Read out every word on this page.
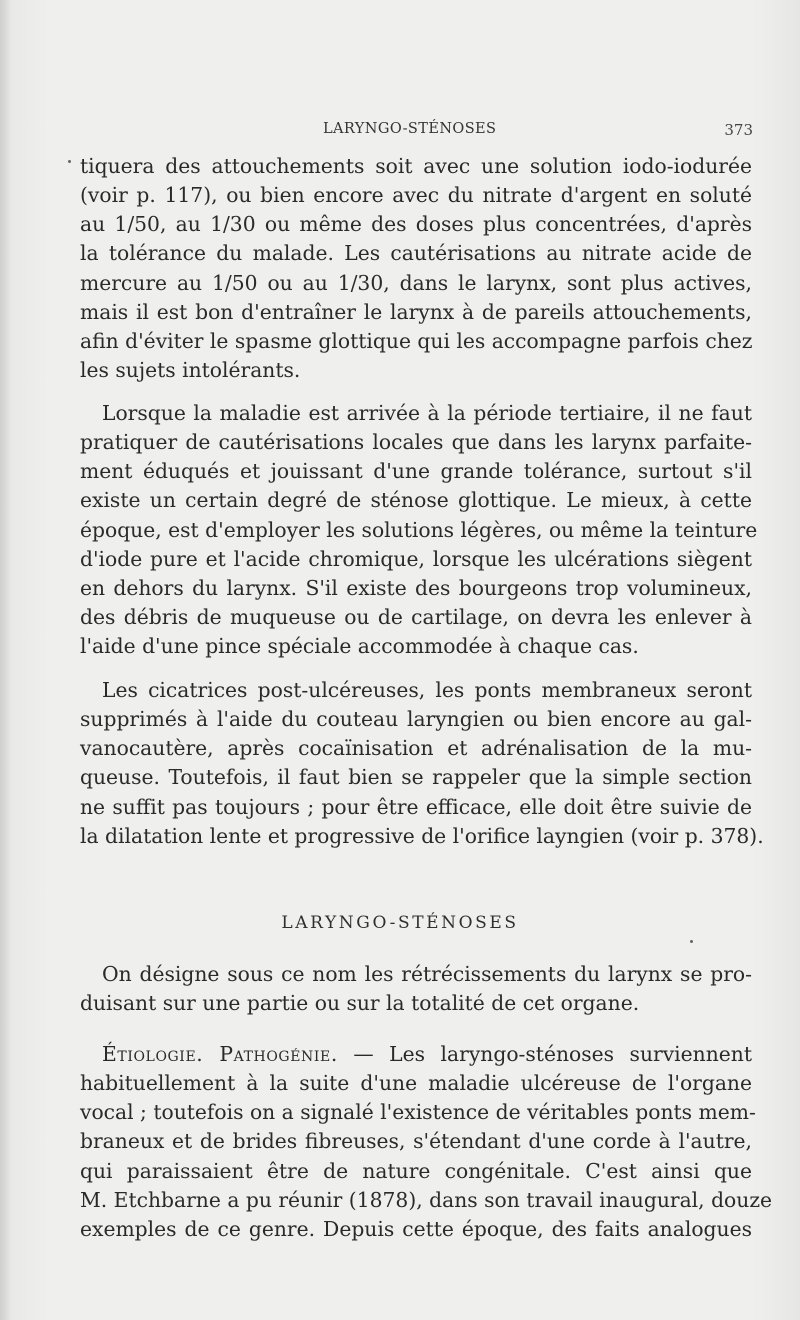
LARYNGO-STÉNOSES	373
tiquera des attouchements soit avec une solution iodo-iodurée
(voir p. 117), ou bien encore avec du nitrate d'argent en soluté
au 1/50, au 1/30 ou même des doses plus concentrées, d'après
la tolérance du malade. Les cautérisations au nitrate acide de
mercure au 1/50 ou au 1/30, dans le larynx, sont plus actives,
mais il est bon d'entraîner le larynx à de pareils attouchements,
afin d'éviter le spasme glottique qui les accompagne parfois chez
les sujets intolérants.
Lorsque la maladie est arrivée à la période tertiaire, il ne faut
pratiquer de cautérisations locales que dans les larynx parfaite-
ment éduqués et jouissant d'une grande tolérance, surtout s'il
existe un certain degré de sténose glottique. Le mieux, à cette
époque, est d'employer les solutions légères, ou même la teinture
d'iode pure et l'acide chromique, lorsque les ulcérations siègent
en dehors du larynx. S'il existe des bourgeons trop volumineux,
des débris de muqueuse ou de cartilage, on devra les enlever à
l'aide d'une pince spéciale accommodée à chaque cas.
Les cicatrices post-ulcéreuses, les ponts membraneux seront
supprimés à l'aide du couteau laryngien ou bien encore au gal-
vanocautère, après cocaïnisation et adrénalisation de la mu-
queuse. Toutefois, il faut bien se rappeler que la simple section
ne suffit pas toujours ; pour être efficace, elle doit être suivie de
la dilatation lente et progressive de l'orifice layngien (voir p. 378).
LARYNGO-STÉNOSES
On désigne sous ce nom les rétrécissements du larynx se pro-
duisant sur une partie ou sur la totalité de cet organe.
Étiologie. Pathogénie. — Les laryngo-sténoses surviennent
habituellement à la suite d'une maladie ulcéreuse de l'organe
vocal ; toutefois on a signalé l'existence de véritables ponts mem-
braneux et de brides fibreuses, s'étendant d'une corde à l'autre,
qui paraissaient être de nature congénitale. C'est ainsi que
M. Etchbarne a pu réunir (1878), dans son travail inaugural, douze
exemples de ce genre. Depuis cette époque, des faits analogues
